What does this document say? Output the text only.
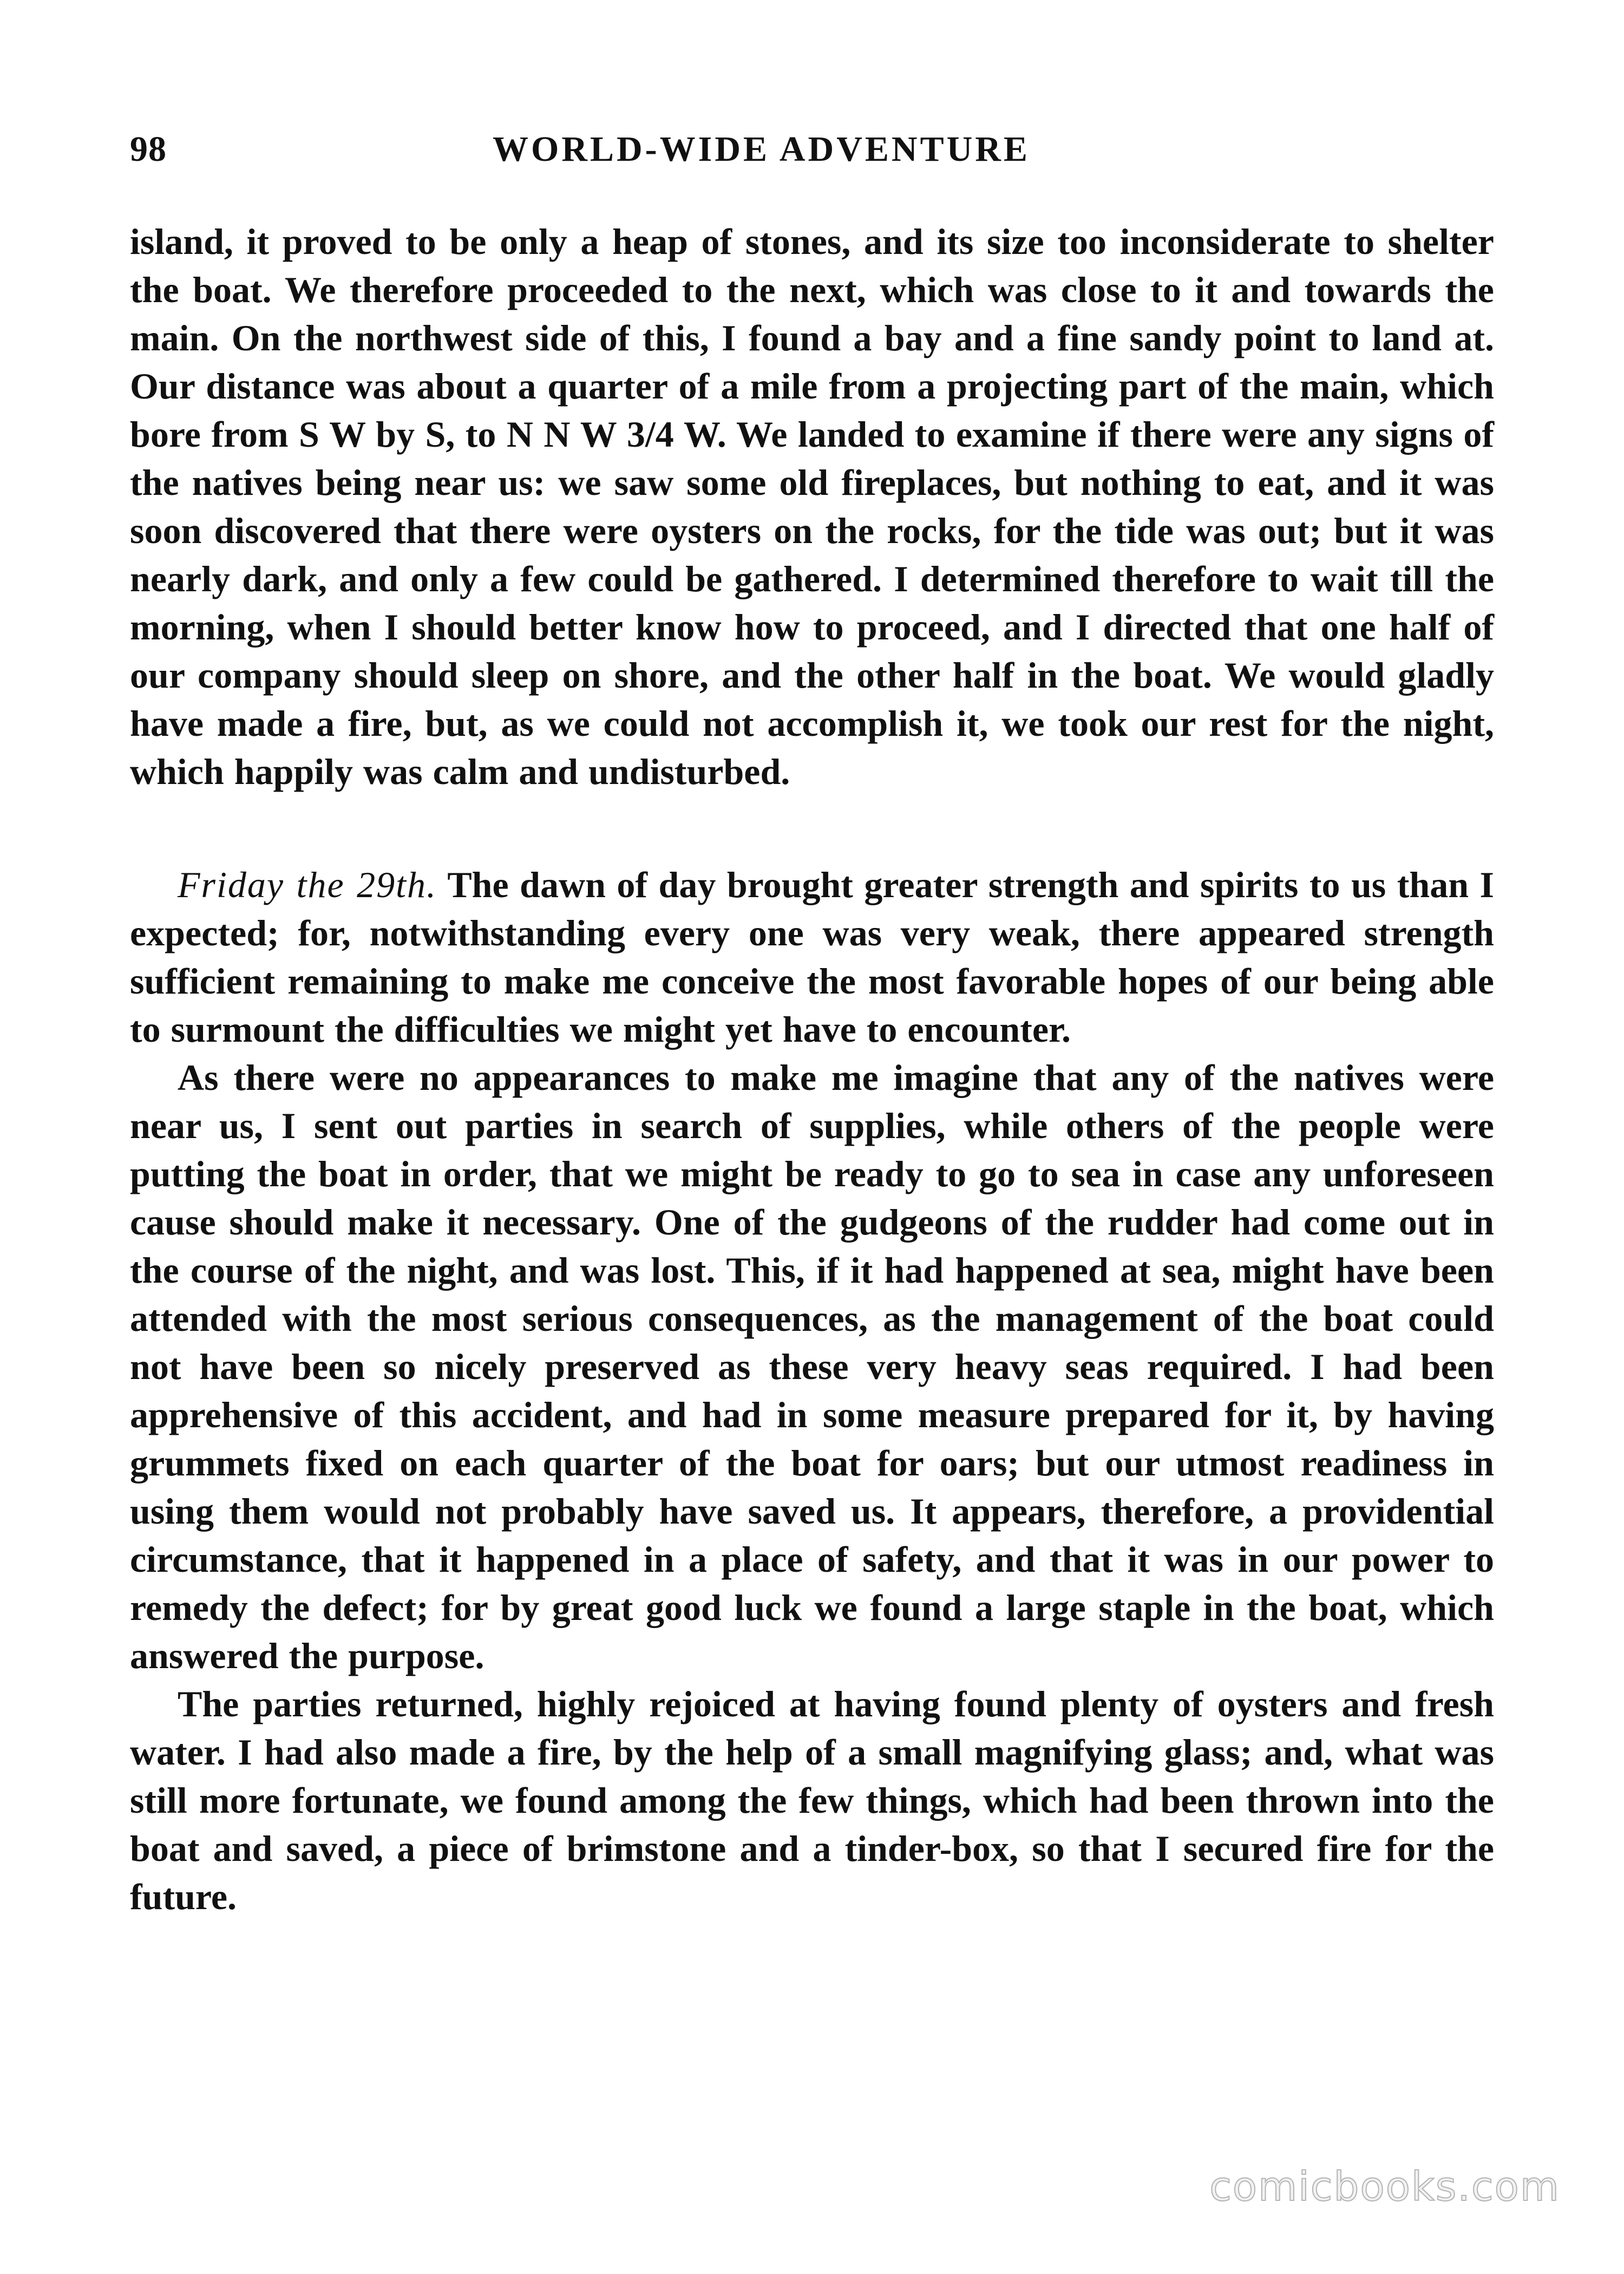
98	WORLD-WIDE ADVENTURE

island, it proved to be only a heap of stones, and its size too inconsiderate to shelter the boat. We therefore proceeded to the next, which was close to it and towards the main. On the northwest side of this, I found a bay and a fine sandy point to land at. Our distance was about a quarter of a mile from a projecting part of the main, which bore from S W by S, to N N W 3/4 W. We landed to examine if there were any signs of the natives being near us: we saw some old fireplaces, but nothing to eat, and it was soon discovered that there were oysters on the rocks, for the tide was out; but it was nearly dark, and only a few could be gathered. I determined therefore to wait till the morning, when I should better know how to proceed, and I directed that one half of our company should sleep on shore, and the other half in the boat. We would gladly have made a fire, but, as we could not accomplish it, we took our rest for the night, which happily was calm and undisturbed.

Friday the 29th. The dawn of day brought greater strength and spirits to us than I expected; for, notwithstanding every one was very weak, there appeared strength sufficient remaining to make me conceive the most favorable hopes of our being able to surmount the difficulties we might yet have to encounter.

As there were no appearances to make me imagine that any of the natives were near us, I sent out parties in search of supplies, while others of the people were putting the boat in order, that we might be ready to go to sea in case any unforeseen cause should make it necessary. One of the gudgeons of the rudder had come out in the course of the night, and was lost. This, if it had happened at sea, might have been attended with the most serious consequences, as the management of the boat could not have been so nicely preserved as these very heavy seas required. I had been apprehensive of this accident, and had in some measure prepared for it, by having grummets fixed on each quarter of the boat for oars; but our utmost readiness in using them would not probably have saved us. It appears, therefore, a providential circumstance, that it happened in a place of safety, and that it was in our power to remedy the defect; for by great good luck we found a large staple in the boat, which answered the purpose.

The parties returned, highly rejoiced at having found plenty of oysters and fresh water. I had also made a fire, by the help of a small magnifying glass; and, what was still more fortunate, we found among the few things, which had been thrown into the boat and saved, a piece of brimstone and a tinder-box, so that I secured fire for the future.

comicbooks.com
